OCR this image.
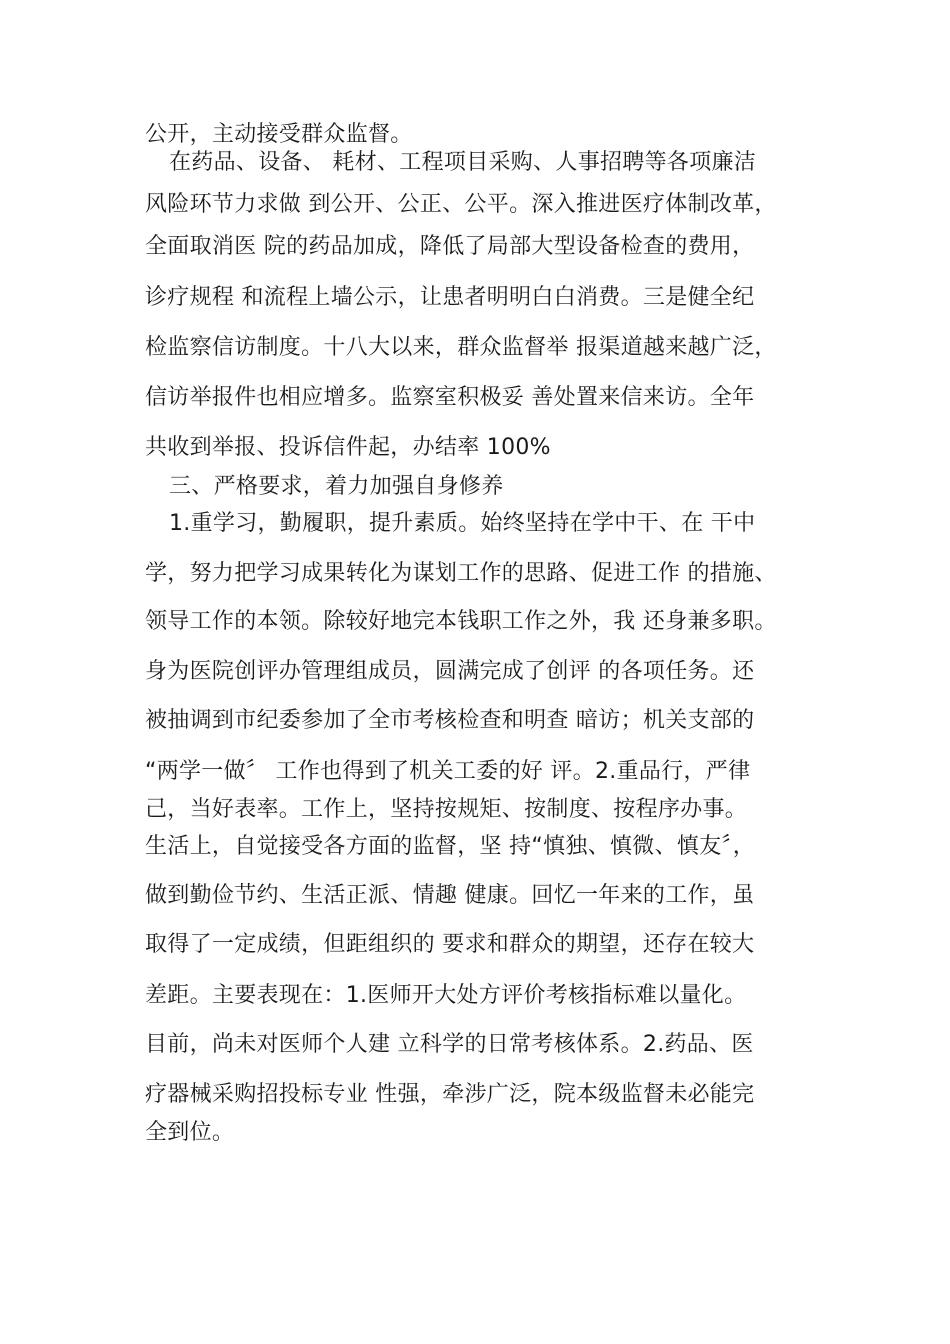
公开，主动接受群众监督。
在药品、设备、 耗材、工程项目采购、人事招聘等各项廉洁
风险环节力求做 到公开、公正、公平。深入推进医疗体制改革，
全面取消医 院的药品加成，降低了局部大型设备检查的费用，
诊疗规程 和流程上墙公示，让患者明明白白消费。三是健全纪
检监察信访制度。十八大以来，群众监督举 报渠道越来越广泛，
信访举报件也相应增多。监察室积极妥 善处置来信来访。全年
共收到举报、投诉信件起，办结率 100%
三、严格要求，着力加强自身修养
1.重学习，勤履职，提升素质。始终坚持在学中干、在 干中
学，努力把学习成果转化为谋划工作的思路、促进工作 的措施、
领导工作的本领。除较好地完本钱职工作之外，我 还身兼多职。
身为医院创评办管理组成员，圆满完成了创评 的各项任务。还
被抽调到市纪委参加了全市考核检查和明查 暗访；机关支部的
“两学一做〞 工作也得到了机关工委的好 评。2.重品行，严律
己，当好表率。工作上，坚持按规矩、按制度、按程序办事。
生活上，自觉接受各方面的监督，坚 持“慎独、慎微、慎友〞，
做到勤俭节约、生活正派、情趣 健康。回忆一年来的工作，虽
取得了一定成绩，但距组织的 要求和群众的期望，还存在较大
差距。主要表现在：1.医师开大处方评价考核指标难以量化。
目前，尚未对医师个人建 立科学的日常考核体系。2.药品、医
疗器械采购招投标专业 性强，牵涉广泛，院本级监督未必能完
全到位。
